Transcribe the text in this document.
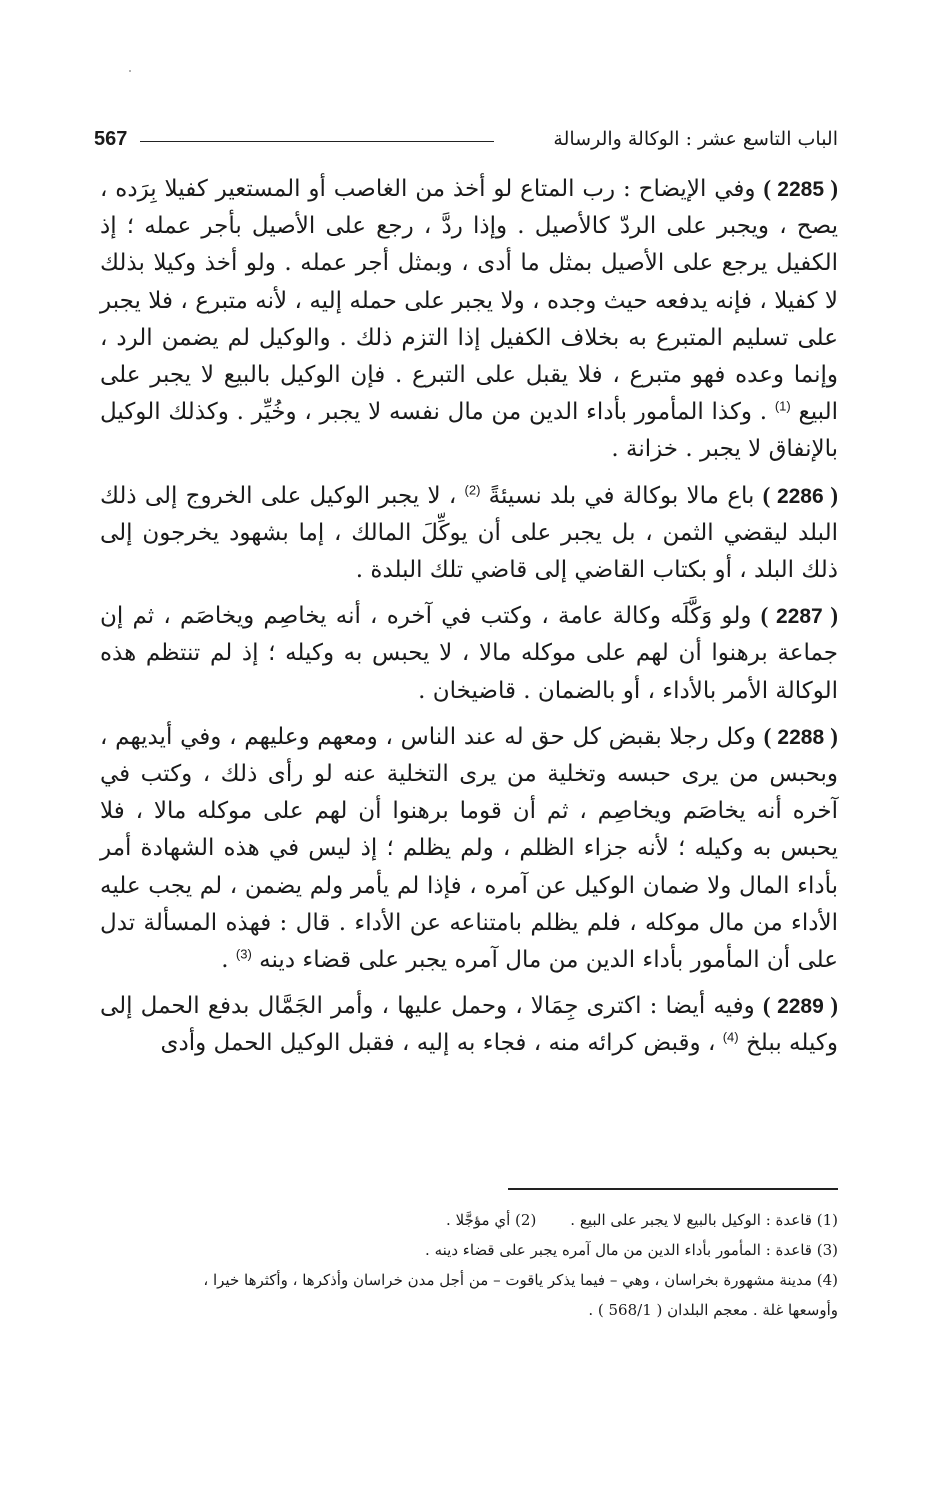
567	الباب التاسع عشر : الوكالة والرسالة

( 2285 ) وفي الإيضاح : رب المتاع لو أخذ من الغاصب أو المستعير كفيلا بِرَده ، يصح ، ويجبر على الردّ كالأصيل . وإذا ردَّ ، رجع على الأصيل بأجر عمله ؛ إذ الكفيل يرجع على الأصيل بمثل ما أدى ، وبمثل أجر عمله . ولو أخذ وكيلا بذلك لا كفيلا ، فإنه يدفعه حيث وجده ، ولا يجبر على حمله إليه ، لأنه متبرع ، فلا يجبر على تسليم المتبرع به بخلاف الكفيل إذا التزم ذلك . والوكيل لم يضمن الرد ، وإنما وعده فهو متبرع ، فلا يقبل على التبرع . فإن الوكيل بالبيع لا يجبر على البيع $^{(1)}$ . وكذا المأمور بأداء الدين من مال نفسه لا يجبر ، وخُيِّر . وكذلك الوكيل بالإنفاق لا يجبر . خزانة .

( 2286 ) باع مالا بوكالة في بلد نسيئةً $^{(2)}$ ، لا يجبر الوكيل على الخروج إلى ذلك البلد ليقضي الثمن ، بل يجبر على أن يوكِّلَ المالك ، إما بشهود يخرجون إلى ذلك البلد ، أو بكتاب القاضي إلى قاضي تلك البلدة .

( 2287 ) ولو وَكَّلَه وكالة عامة ، وكتب في آخره ، أنه يخاصِم ويخاصَم ، ثم إن جماعة برهنوا أن لهم على موكله مالا ، لا يحبس به وكيله ؛ إذ لم تنتظم هذه الوكالة الأمر بالأداء ، أو بالضمان . قاضيخان .

( 2288 ) وكل رجلا بقبض كل حق له عند الناس ، ومعهم وعليهم ، وفي أيديهم ، وبحبس من يرى حبسه وتخلية من يرى التخلية عنه لو رأى ذلك ، وكتب في آخره أنه يخاصَم ويخاصِم ، ثم أن قوما برهنوا أن لهم على موكله مالا ، فلا يحبس به وكيله ؛ لأنه جزاء الظلم ، ولم يظلم ؛ إذ ليس في هذه الشهادة أمر بأداء المال ولا ضمان الوكيل عن آمره ، فإذا لم يأمر ولم يضمن ، لم يجب عليه الأداء من مال موكله ، فلم يظلم بامتناعه عن الأداء . قال : فهذه المسألة تدل على أن المأمور بأداء الدين من مال آمره يجبر على قضاء دينه $^{(3)}$ .

( 2289 ) وفيه أيضا : اكترى جِمَالا ، وحمل عليها ، وأمر الجَمَّال بدفع الحمل إلى وكيله ببلخ $^{(4)}$ ، وقبض كرائه منه ، فجاء به إليه ، فقبل الوكيل الحمل وأدى

(1) قاعدة : الوكيل بالبيع لا يجبر على البيع .(2) أي مؤجَّلا .

(3) قاعدة : المأمور بأداء الدين من مال آمره يجبر على قضاء دينه .

(4) مدينة مشهورة بخراسان ، وهي – فيما يذكر ياقوت – من أجل مدن خراسان وأذكرها ، وأكثرها خيرا ،

وأوسعها غلة . معجم البلدان ( 568/1 ) .
